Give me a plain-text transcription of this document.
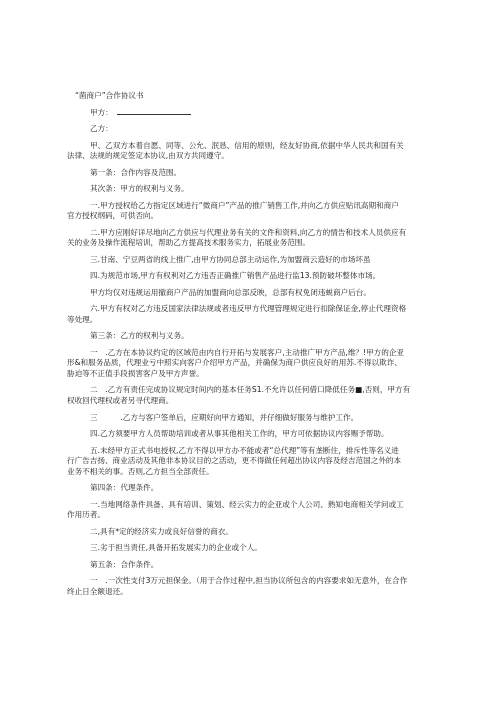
“菌商户”合作协议书
甲方：
乙方：
甲、乙双方本着自愿、同等、公允、泯恳、信用的原则，经友好协商,依据中华人民共和国有关
法律、法规的规定签定本协议,由双方共同遵守。
第一条：合作内容及范围。
其次条：甲方的权利与义务。
一.甲方授权给乙方指定区域进行“微商户”产品的推广销售工作,并向乙方供应贴讯高期和商户
官方授权纲码，可供否向。
二.甲方应刚好详尽地向乙方供应与代理业务有关的文件和资料,向乙方的情告和技术人员供应有
关的业务及操作流程培训，帮助乙方提高技术服务实力，拓展业务范围。
三.甘南、宁豆两省的线上推广,由甲方协同总部主动运作,为加盟商云造好的市场坏虽
四.为规范市场,甲方有权利对乙方违否正确推广销售产品进行监13.预防破坏整体市场。
甲方均仅对违规运用撤商户产品的加盟商向总部反映，总部有权免闭违蜕商户后台。
六.甲方有权对乙方违反国家法律法规或者违反甲方代理管理规定进行扣除保证金,停止代理资格
等处理。
第三条：乙方的权利与义务。
一　.乙方在本协议约定的区域范由内自行开拓与发展客户,主动推广甲方产品,维？!甲方的企亚
形&和服务品质，代理业亏中照实向客户介绍甲方产品，并确保为商户供应良好的用苏.不得以欺诈、
胁迫等不正值手段损害客户及甲方声誉。
二　.乙方有责任完成协议规定时间内的基本任务S1.不允许以任何借口降低任务■,否则，甲方有
权收回代理权或者另寻代理商。
三　　　.乙方与客户签单后，应期好向甲方通知，并仔细做好服务与维护工作。
四.乙方须要甲方人员帮助培训或者从事其他相关工作的，甲方可依据协议内容赐予帮助。
五.未经甲方正式书电授权,乙方不得以甲方办不能或者“总代理”等有垄断住，排斥性等名义进
行广告吉扬、商业活动及其他非本协议目的之活动，更不得做任何超出协议内容及经吉范国之外的本
业务不相关的事。否则,乙方担当全部责任。
第四条：代理条件。
一.当地网络条件具备、具有培训、策划、经云实力的企亚或个人公司、熟知电商相关学问或工
作用历者。
二,具有*定的经济实力或良好信誉的商衣。
三.劣于担当责任,具备开拓发展实力的企业或个人。
第五条：合作条件。
一　.一次性支付3万元担保金。（用于合作过程中,担当协议所包含的内容要求如无意外，在合作
终止日全额退还。
